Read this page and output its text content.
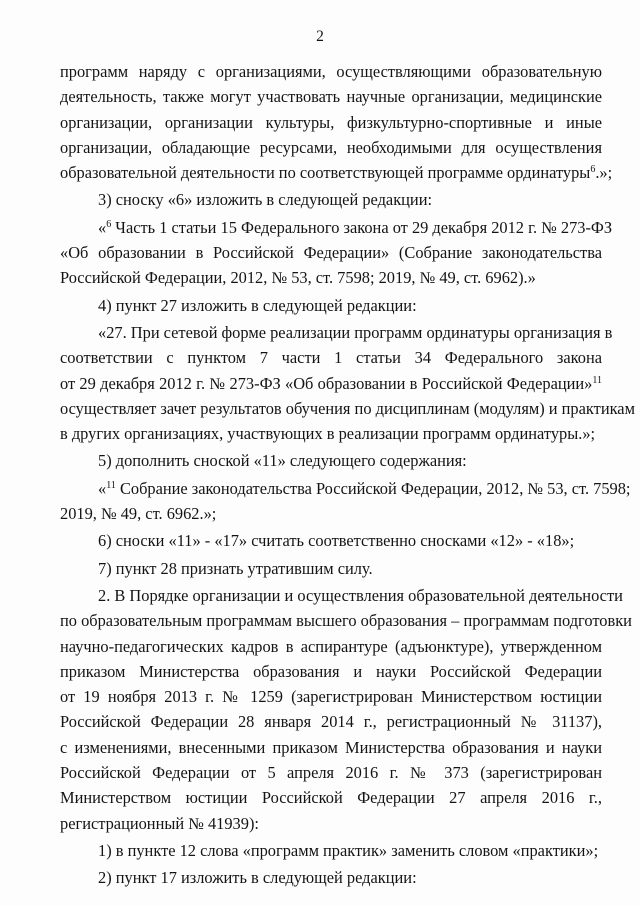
2
программ наряду с организациями, осуществляющими образовательную
деятельность, также могут участвовать научные организации, медицинские
организации, организации культуры, физкультурно-спортивные и иные
организации, обладающие ресурсами, необходимыми для осуществления
образовательной деятельности по соответствующей программе ординатуры$^6$.»;
3) сноску «6» изложить в следующей редакции:
«$^6$ Часть 1 статьи 15 Федерального закона от 29 декабря 2012 г. № 273-ФЗ
«Об образовании в Российской Федерации» (Собрание законодательства
Российской Федерации, 2012, № 53, ст. 7598; 2019, № 49, ст. 6962).»
4) пункт 27 изложить в следующей редакции:
«27. При сетевой форме реализации программ ординатуры организация в
соответствии с пунктом 7 части 1 статьи 34 Федерального закона
от 29 декабря 2012 г. № 273-ФЗ «Об образовании в Российской Федерации»$^{11}$
осуществляет зачет результатов обучения по дисциплинам (модулям) и практикам
в других организациях, участвующих в реализации программ ординатуры.»;
5) дополнить сноской «11» следующего содержания:
«$^{11}$ Собрание законодательства Российской Федерации, 2012, № 53, ст. 7598;
2019, № 49, ст. 6962.»;
6) сноски «11» - «17» считать соответственно сносками «12» - «18»;
7) пункт 28 признать утратившим силу.
2. В Порядке организации и осуществления образовательной деятельности
по образовательным программам высшего образования – программам подготовки
научно-педагогических кадров в аспирантуре (адъюнктуре), утвержденном
приказом Министерства образования и науки Российской Федерации
от 19 ноября 2013 г. № 1259 (зарегистрирован Министерством юстиции
Российской Федерации 28 января 2014 г., регистрационный № 31137),
с изменениями, внесенными приказом Министерства образования и науки
Российской Федерации от 5 апреля 2016 г. № 373 (зарегистрирован
Министерством юстиции Российской Федерации 27 апреля 2016 г.,
регистрационный № 41939):
1) в пункте 12 слова «программ практик» заменить словом «практики»;
2) пункт 17 изложить в следующей редакции:
